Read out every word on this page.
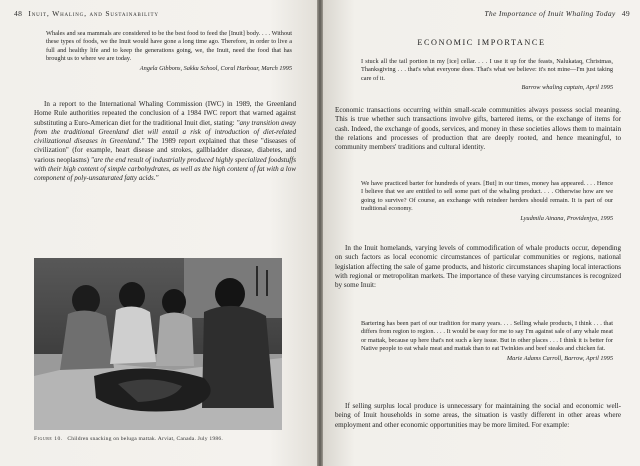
48 Inuit, Whaling, and Sustainability
Whales and sea mammals are considered to be the best food to feed the [Inuit] body. . . . Without these types of foods, we the Inuit would have gone a long time ago. Therefore, in order to live a full and healthy life and to keep the generations going, we, the Inuit, need the food that has brought us to where we are today.
Angela Gibbons, Sakku School, Coral Harbour, March 1995
In a report to the International Whaling Commission (IWC) in 1989, the Greenland Home Rule authorities repeated the conclusion of a 1984 IWC report that warned against substituting a Euro-American diet for the traditional Inuit diet, stating: "any transition away from the traditional Greenland diet will entail a risk of introduction of diet-related civilizational diseases in Greenland." The 1989 report explained that these "diseases of civilization" (for example, heart disease and strokes, gallbladder disease, diabetes, and various neoplasms) "are the end result of industrially produced highly specialized foodstuffs with their high content of simple carbohydrates, as well as the high content of fat with a low component of poly-unsaturated fatty acids."
Figure 10. Children snacking on beluga mattak. Arviat, Canada. July 1986.
The Importance of Inuit Whaling Today 49
ECONOMIC IMPORTANCE
I stuck all the tail portion in my [ice] cellar. . . . I use it up for the feasts, Nalukataq, Christmas, Thanksgiving . . . that's what everyone does. That's what we believe: it's not mine—I'm just taking care of it.
Barrow whaling captain, April 1995
Economic transactions occurring within small-scale communities always possess social meaning. This is true whether such transactions involve gifts, bartered items, or the exchange of items for cash. Indeed, the exchange of goods, services, and money in these societies allows them to maintain the relations and processes of production that are deeply rooted, and hence meaningful, to community members' traditions and cultural identity.
We have practiced barter for hundreds of years. [But] in our times, money has appeared. . . . Hence I believe that we are entitled to sell some part of the whaling product. . . . Otherwise how are we going to survive? Of course, an exchange with reindeer herders should remain. It is part of our traditional economy.
Lyudmila Ainana, Providenjya, 1995
In the Inuit homelands, varying levels of commodification of whale products occur, depending on such factors as local economic circumstances of particular communities or regions, national legislation affecting the sale of game products, and historic circumstances shaping local interactions with regional or metropolitan markets. The importance of these varying circumstances is recognized by some Inuit:
Bartering has been part of our tradition for many years. . . . Selling whale products, I think . . . that differs from region to region. . . . It would be easy for me to say I'm against sale of any whale meat or mattak, because up here that's not such a key issue. But in other places . . . I think it is better for Native people to eat whale meat and mattak than to eat Twinkies and beef steaks and chicken fat.
Marie Adams Carroll, Barrow, April 1995
If selling surplus local produce is unnecessary for maintaining the social and economic well-being of Inuit households in some areas, the situation is vastly different in other areas where employment and other economic opportunities may be more limited. For example:
